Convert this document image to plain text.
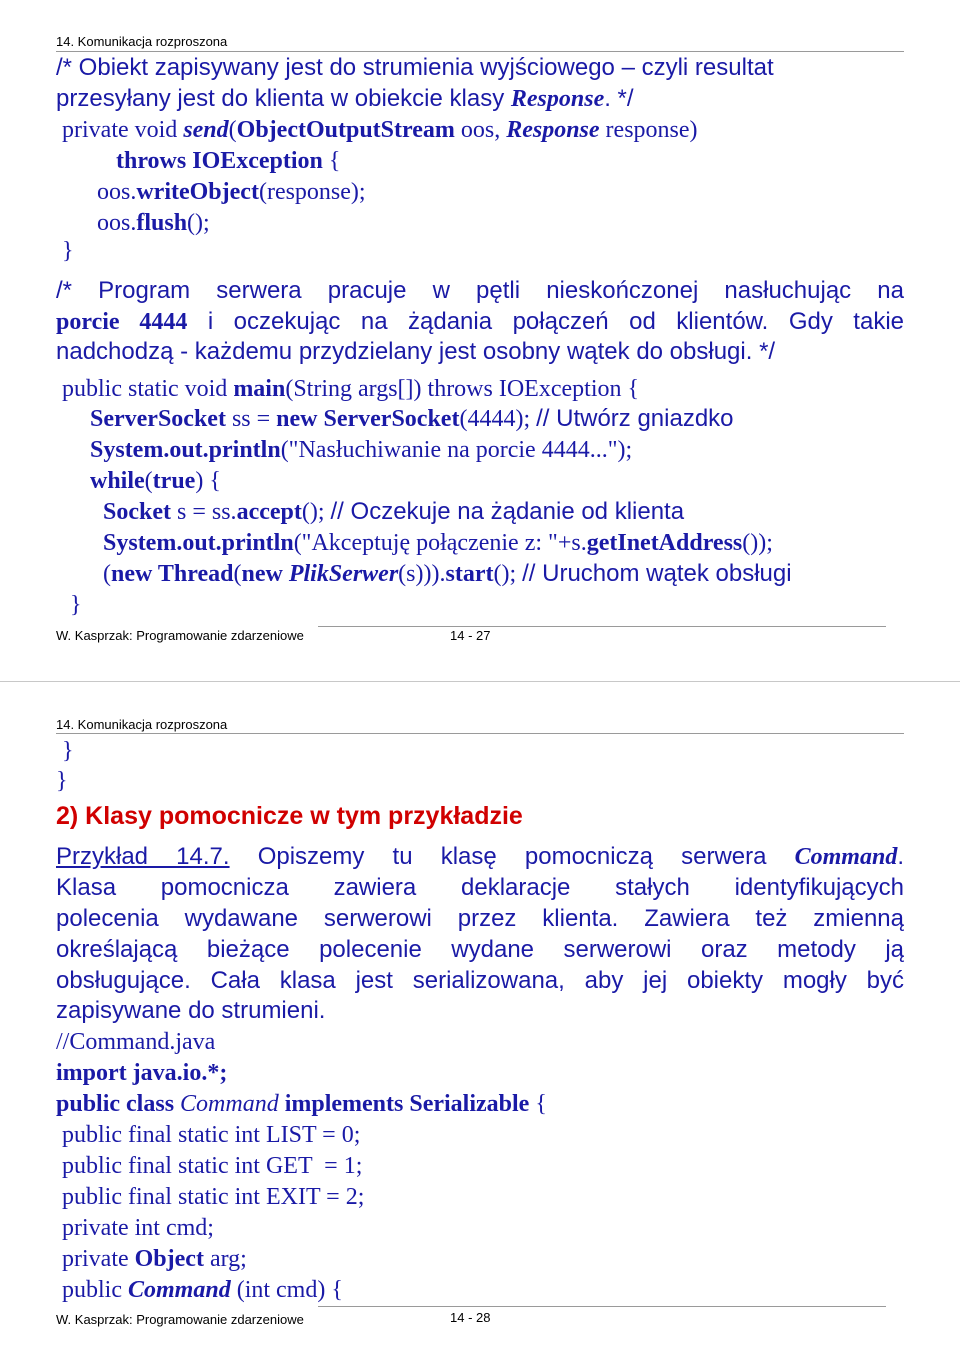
14. Komunikacja rozproszona
/* Obiekt zapisywany jest do strumienia wyjściowego – czyli resultat
przesyłany jest do klienta w obiekcie klasy Response. */
private void send(ObjectOutputStream oos, Response response)
throws IOException {
oos.writeObject(response);
oos.flush();
}
/* Program serwera pracuje w pętli nieskończonej nasłuchując na
porcie 4444 i oczekując na żądania połączeń od klientów. Gdy takie
nadchodzą - każdemu przydzielany jest osobny wątek do obsługi. */
public static void main(String args[]) throws IOException {
ServerSocket ss = new ServerSocket(4444); // Utwórz gniazdko
System.out.println("Nasłuchiwanie na porcie 4444...");
while(true) {
Socket s = ss.accept(); // Oczekuje na żądanie od klienta
System.out.println("Akceptuję połączenie z: "+s.getInetAddress());
(new Thread(new PlikSerwer(s))).start(); // Uruchom wątek obsługi
}
W. Kasprzak: Programowanie zdarzeniowe	14 - 27
14. Komunikacja rozproszona
}
}
2) Klasy pomocnicze w tym przykładzie
Przykład 14.7. Opiszemy tu klasę pomocniczą serwera Command.
Klasa pomocnicza zawiera deklaracje stałych identyfikujących
polecenia wydawane serwerowi przez klienta. Zawiera też zmienną
określającą bieżące polecenie wydane serwerowi oraz metody ją
obsługujące. Cała klasa jest serializowana, aby jej obiekty mogły być
zapisywane do strumieni.
//Command.java
import java.io.*;
public class Command implements Serializable {
public final static int LIST = 0;
public final static int GET  = 1;
public final static int EXIT = 2;
private int cmd;
private Object arg;
public Command (int cmd) {
W. Kasprzak: Programowanie zdarzeniowe	14 - 28
